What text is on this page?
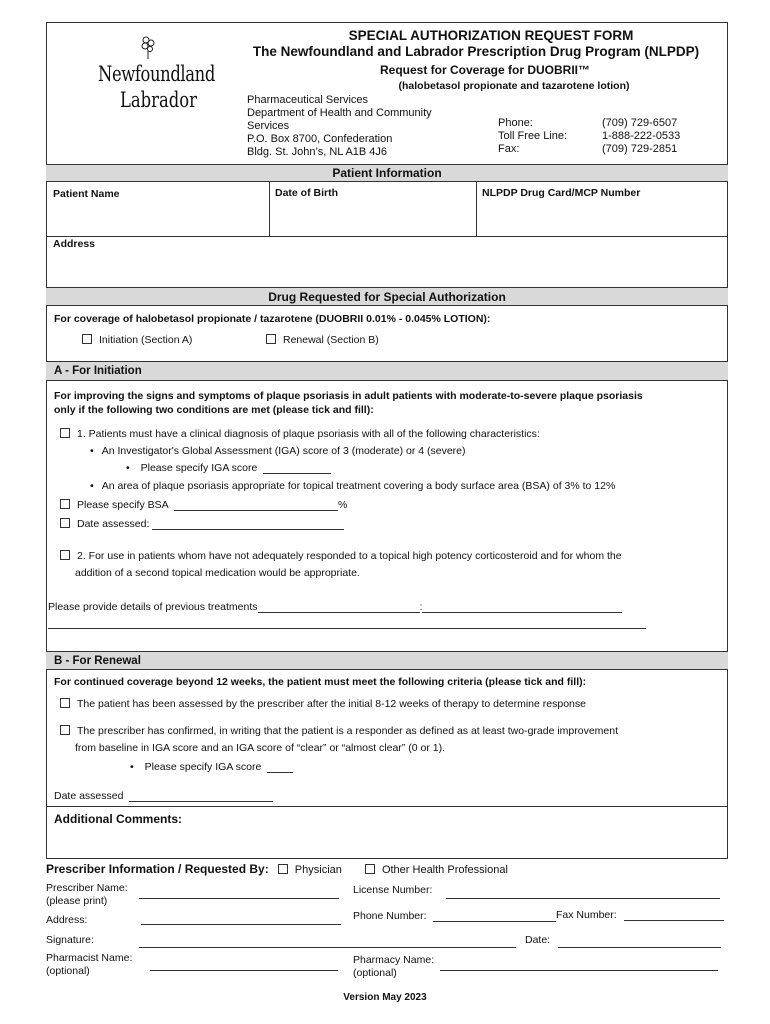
Newfoundland
Labrador
SPECIAL AUTHORIZATION REQUEST FORM
The Newfoundland and Labrador Prescription Drug Program (NLPDP)
Request for Coverage for DUOBRII™
(halobetasol propionate and tazarotene lotion)
Pharmaceutical Services
Department of Health and Community
Services
P.O. Box 8700, Confederation
Bldg. St. John’s, NL A1B 4J6
Phone:	(709) 729-6507
Toll Free Line:	1-888-222-0533
Fax:	(709) 729-2851
Patient Information
Patient Name	Date of Birth	NLPDP Drug Card/MCP Number
Address
Drug Requested for Special Authorization
For coverage of halobetasol propionate / tazarotene (DUOBRII 0.01% - 0.045% LOTION):
Initiation (Section A)	Renewal (Section B)
A - For Initiation
For improving the signs and symptoms of plaque psoriasis in adult patients with moderate-to-severe plaque psoriasis
only if the following two conditions are met (please tick and fill):
1. Patients must have a clinical diagnosis of plaque psoriasis with all of the following characteristics:
• An Investigator's Global Assessment (IGA) score of 3 (moderate) or 4 (severe)
• Please specify IGA score
• An area of plaque psoriasis appropriate for topical treatment covering a body surface area (BSA) of 3% to 12%
Please specify BSA	%
Date assessed:
2. For use in patients whom have not adequately responded to a topical high potency corticosteroid and for whom the
addition of a second topical medication would be appropriate.
Please provide details of previous treatments	:
B - For Renewal
For continued coverage beyond 12 weeks, the patient must meet the following criteria (please tick and fill):
The patient has been assessed by the prescriber after the initial 8-12 weeks of therapy to determine response
The prescriber has confirmed, in writing that the patient is a responder as defined as at least two-grade improvement
from baseline in IGA score and an IGA score of “clear” or “almost clear” (0 or 1).
• Please specify IGA score
Date assessed
Additional Comments:
Prescriber Information / Requested By: Physician	Other Health Professional
Prescriber Name:
(please print)
License Number:
Address:	Phone Number:	Fax Number:
Signature:	Date:
Pharmacist Name:
(optional)
Pharmacy Name:
(optional)
Version May 2023
